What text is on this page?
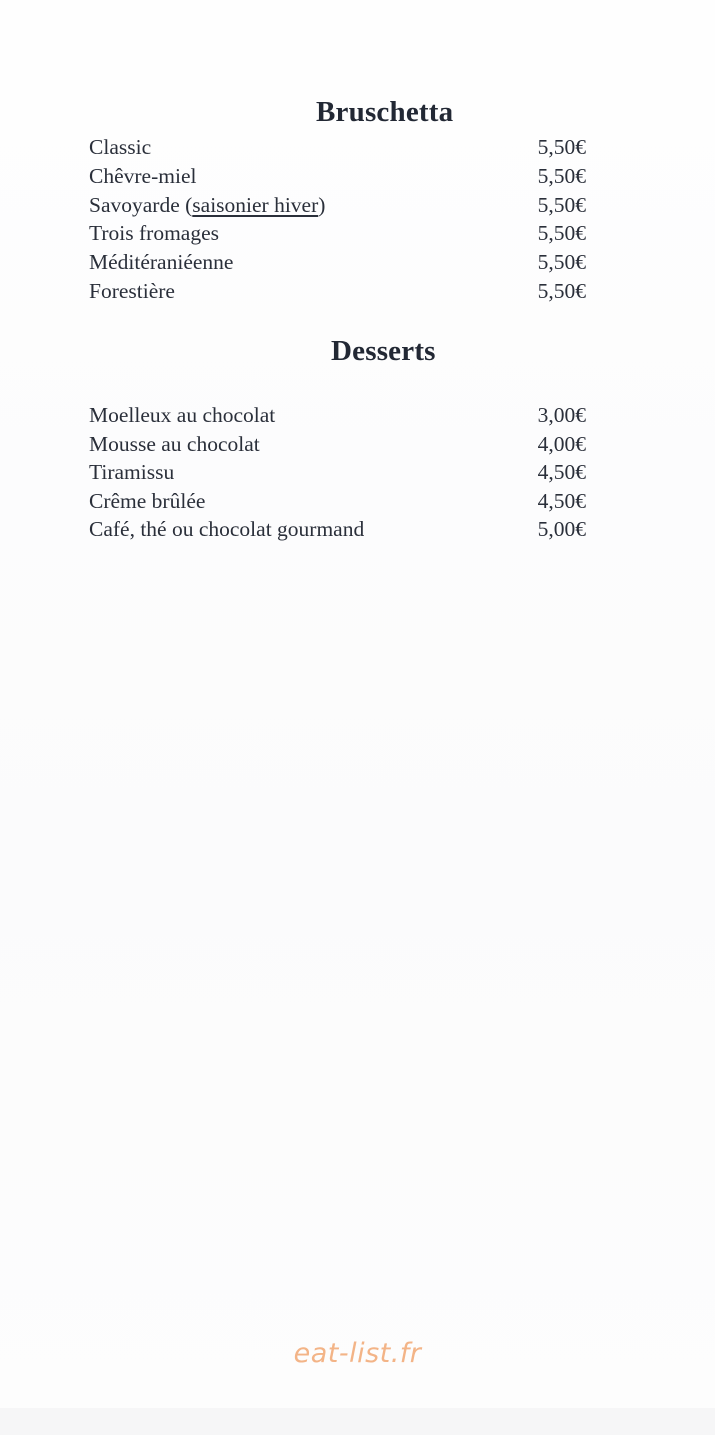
Bruschetta
Classic	5,50€
Chêvre-miel	5,50€
Savoyarde (saisonier hiver)	5,50€
Trois fromages	5,50€
Méditéraniéenne	5,50€
Forestière	5,50€
Desserts
Moelleux au chocolat	3,00€
Mousse au chocolat	4,00€
Tiramissu	4,50€
Crême brûlée	4,50€
Café, thé ou chocolat gourmand	5,00€
eat-list.fr
